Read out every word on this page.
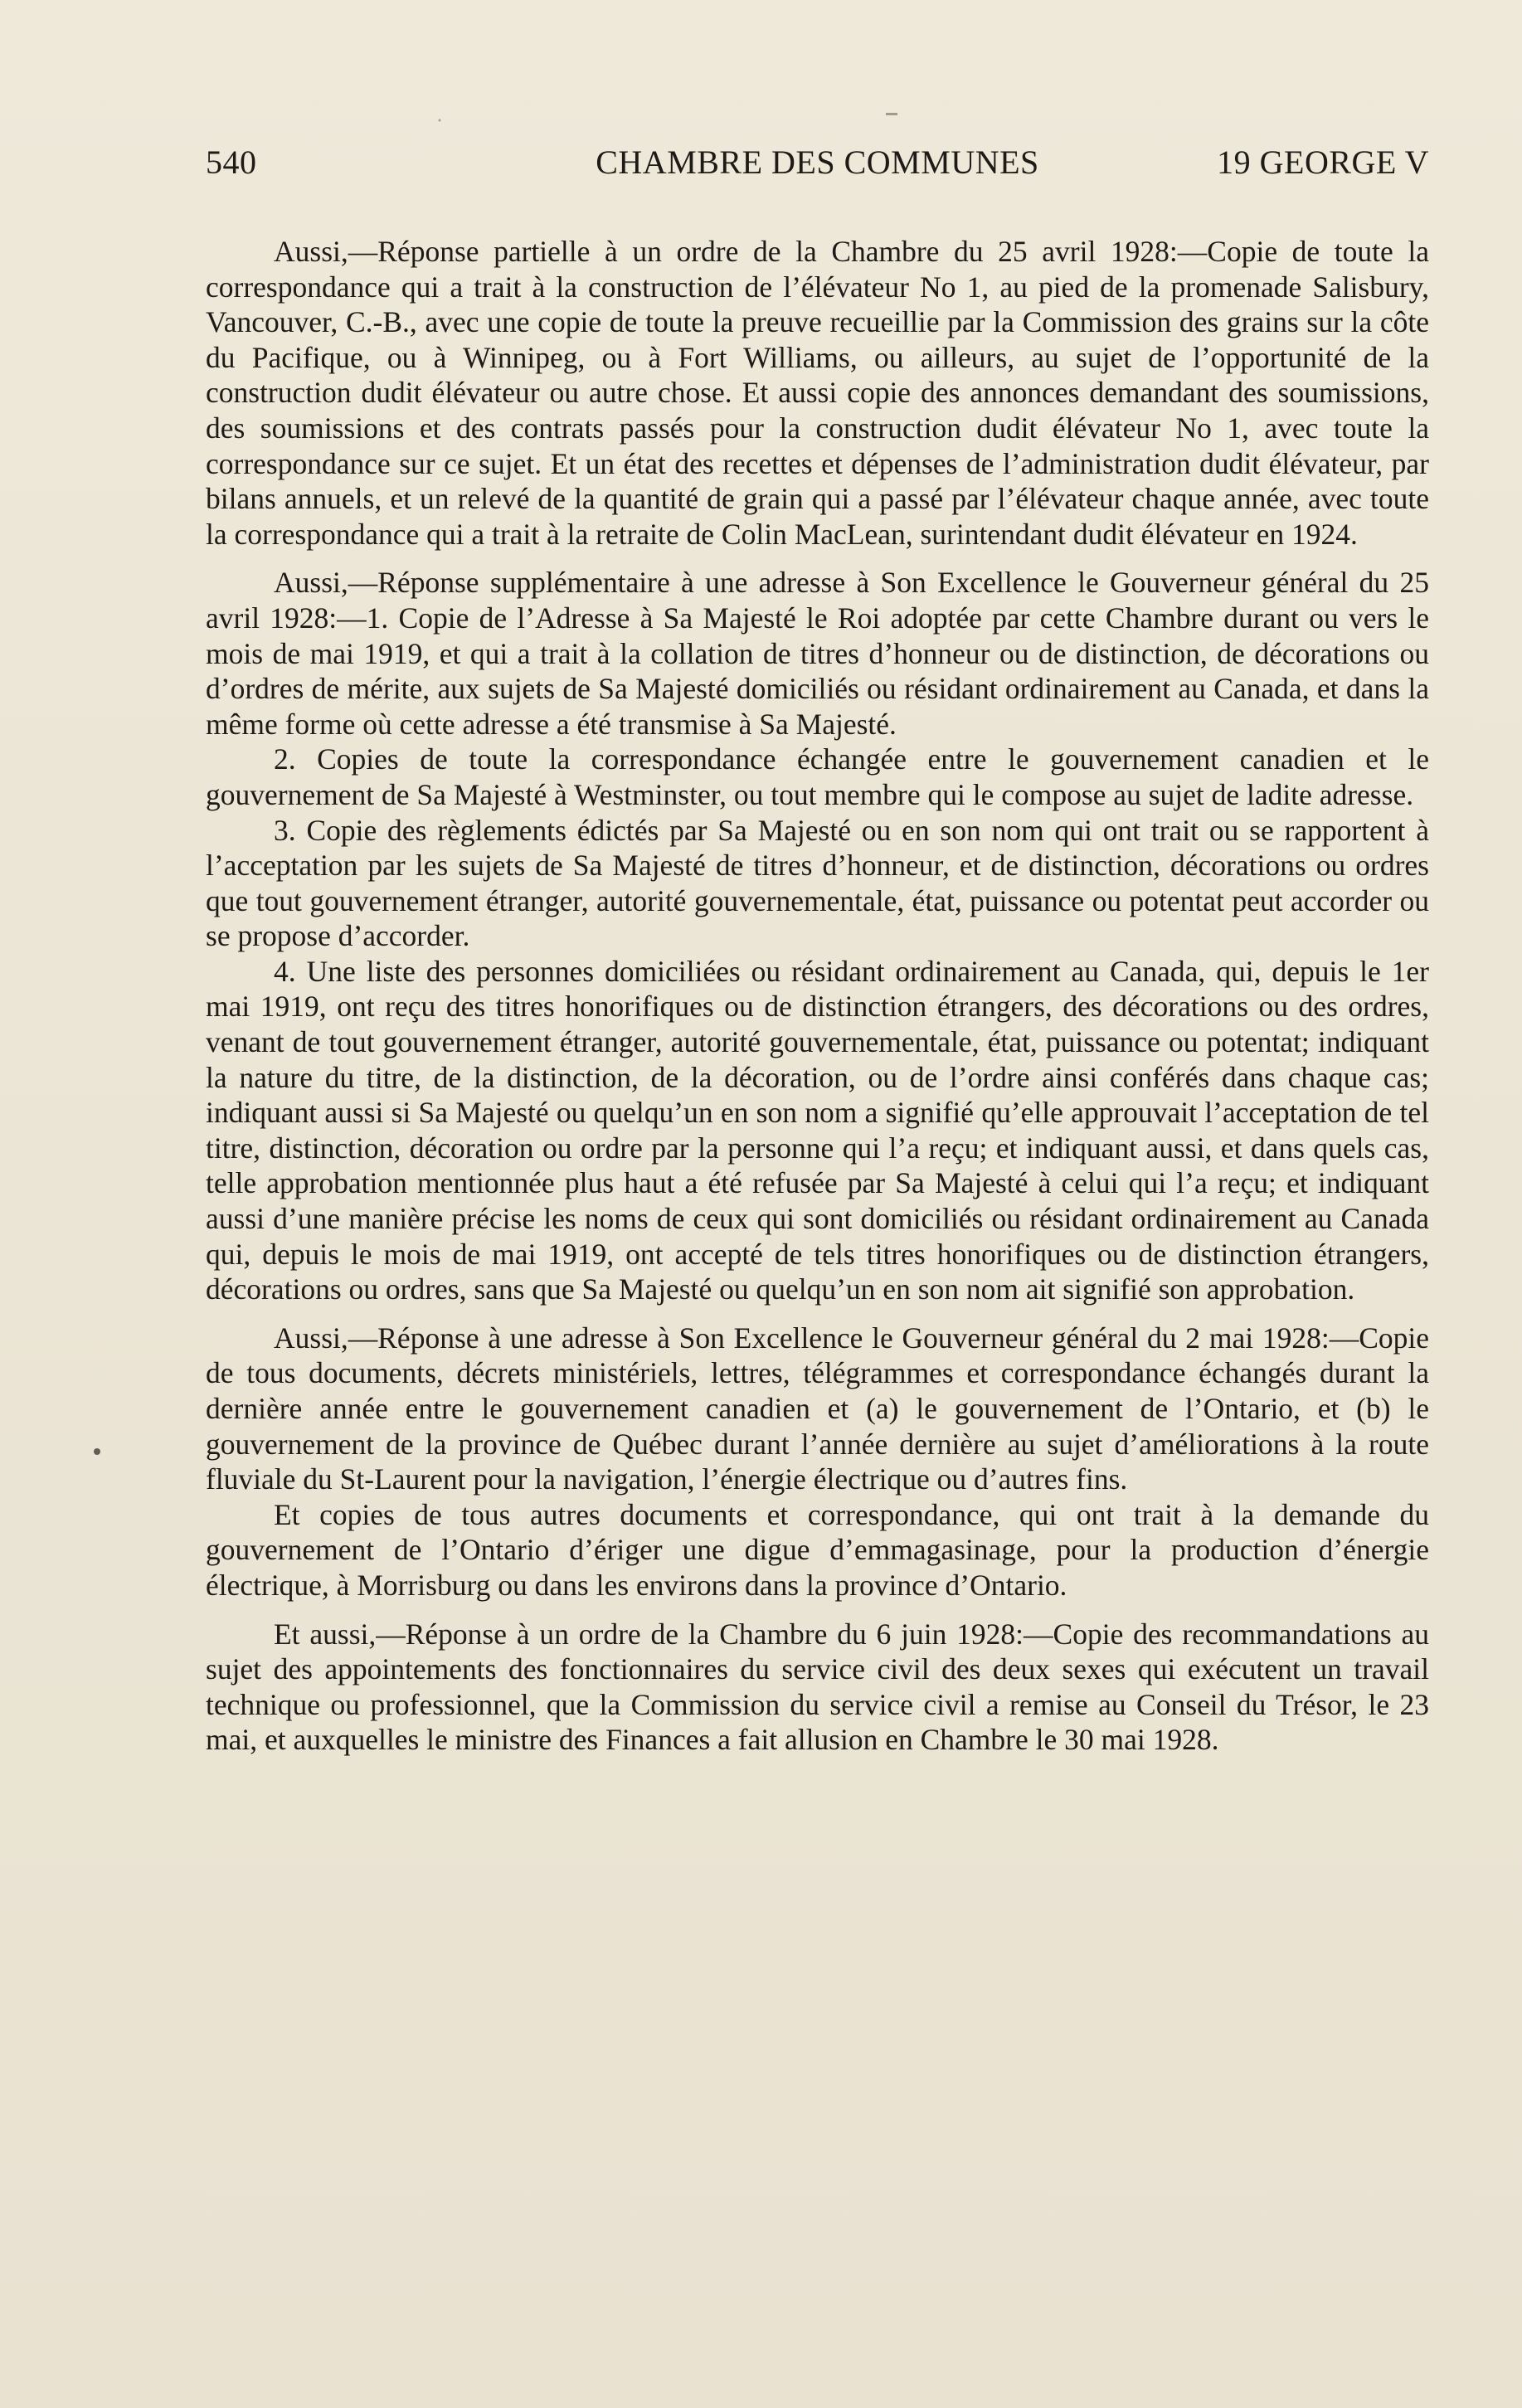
540	CHAMBRE DES COMMUNES	19 GEORGE V

Aussi,—Réponse partielle à un ordre de la Chambre du 25 avril 1928:—Copie de toute la correspondance qui a trait à la construction de l’élévateur No 1, au pied de la promenade Salisbury, Vancouver, C.-B., avec une copie de toute la preuve recueillie par la Commission des grains sur la côte du Pacifique, ou à Winnipeg, ou à Fort Williams, ou ailleurs, au sujet de l’opportunité de la construction dudit élévateur ou autre chose. Et aussi copie des annonces demandant des soumissions, des soumissions et des contrats passés pour la construction dudit élévateur No 1, avec toute la correspondance sur ce sujet. Et un état des recettes et dépenses de l’administration dudit élévateur, par bilans annuels, et un relevé de la quantité de grain qui a passé par l’élévateur chaque année, avec toute la correspondance qui a trait à la retraite de Colin MacLean, surintendant dudit élévateur en 1924.

Aussi,—Réponse supplémentaire à une adresse à Son Excellence le Gouverneur général du 25 avril 1928:—1. Copie de l’Adresse à Sa Majesté le Roi adoptée par cette Chambre durant ou vers le mois de mai 1919, et qui a trait à la collation de titres d’honneur ou de distinction, de décorations ou d’ordres de mérite, aux sujets de Sa Majesté domiciliés ou résidant ordinairement au Canada, et dans la même forme où cette adresse a été transmise à Sa Majesté.

2. Copies de toute la correspondance échangée entre le gouvernement canadien et le gouvernement de Sa Majesté à Westminster, ou tout membre qui le compose au sujet de ladite adresse.

3. Copie des règlements édictés par Sa Majesté ou en son nom qui ont trait ou se rapportent à l’acceptation par les sujets de Sa Majesté de titres d’honneur, et de distinction, décorations ou ordres que tout gouvernement étranger, autorité gouvernementale, état, puissance ou potentat peut accorder ou se propose d’accorder.

4. Une liste des personnes domiciliées ou résidant ordinairement au Canada, qui, depuis le 1er mai 1919, ont reçu des titres honorifiques ou de distinction étrangers, des décorations ou des ordres, venant de tout gouvernement étranger, autorité gouvernementale, état, puissance ou potentat; indiquant la nature du titre, de la distinction, de la décoration, ou de l’ordre ainsi conférés dans chaque cas; indiquant aussi si Sa Majesté ou quelqu’un en son nom a signifié qu’elle approuvait l’acceptation de tel titre, distinction, décoration ou ordre par la personne qui l’a reçu; et indiquant aussi, et dans quels cas, telle approbation mentionnée plus haut a été refusée par Sa Majesté à celui qui l’a reçu; et indiquant aussi d’une manière précise les noms de ceux qui sont domiciliés ou résidant ordinairement au Canada qui, depuis le mois de mai 1919, ont accepté de tels titres honorifiques ou de distinction étrangers, décorations ou ordres, sans que Sa Majesté ou quelqu’un en son nom ait signifié son approbation.

Aussi,—Réponse à une adresse à Son Excellence le Gouverneur général du 2 mai 1928:—Copie de tous documents, décrets ministériels, lettres, télégrammes et correspondance échangés durant la dernière année entre le gouvernement canadien et (a) le gouvernement de l’Ontario, et (b) le gouvernement de la province de Québec durant l’année dernière au sujet d’améliorations à la route fluviale du St-Laurent pour la navigation, l’énergie électrique ou d’autres fins.

Et copies de tous autres documents et correspondance, qui ont trait à la demande du gouvernement de l’Ontario d’ériger une digue d’emmagasinage, pour la production d’énergie électrique, à Morrisburg ou dans les environs dans la province d’Ontario.

Et aussi,—Réponse à un ordre de la Chambre du 6 juin 1928:—Copie des recommandations au sujet des appointements des fonctionnaires du service civil des deux sexes qui exécutent un travail technique ou professionnel, que la Commission du service civil a remise au Conseil du Trésor, le 23 mai, et auxquelles le ministre des Finances a fait allusion en Chambre le 30 mai 1928.
